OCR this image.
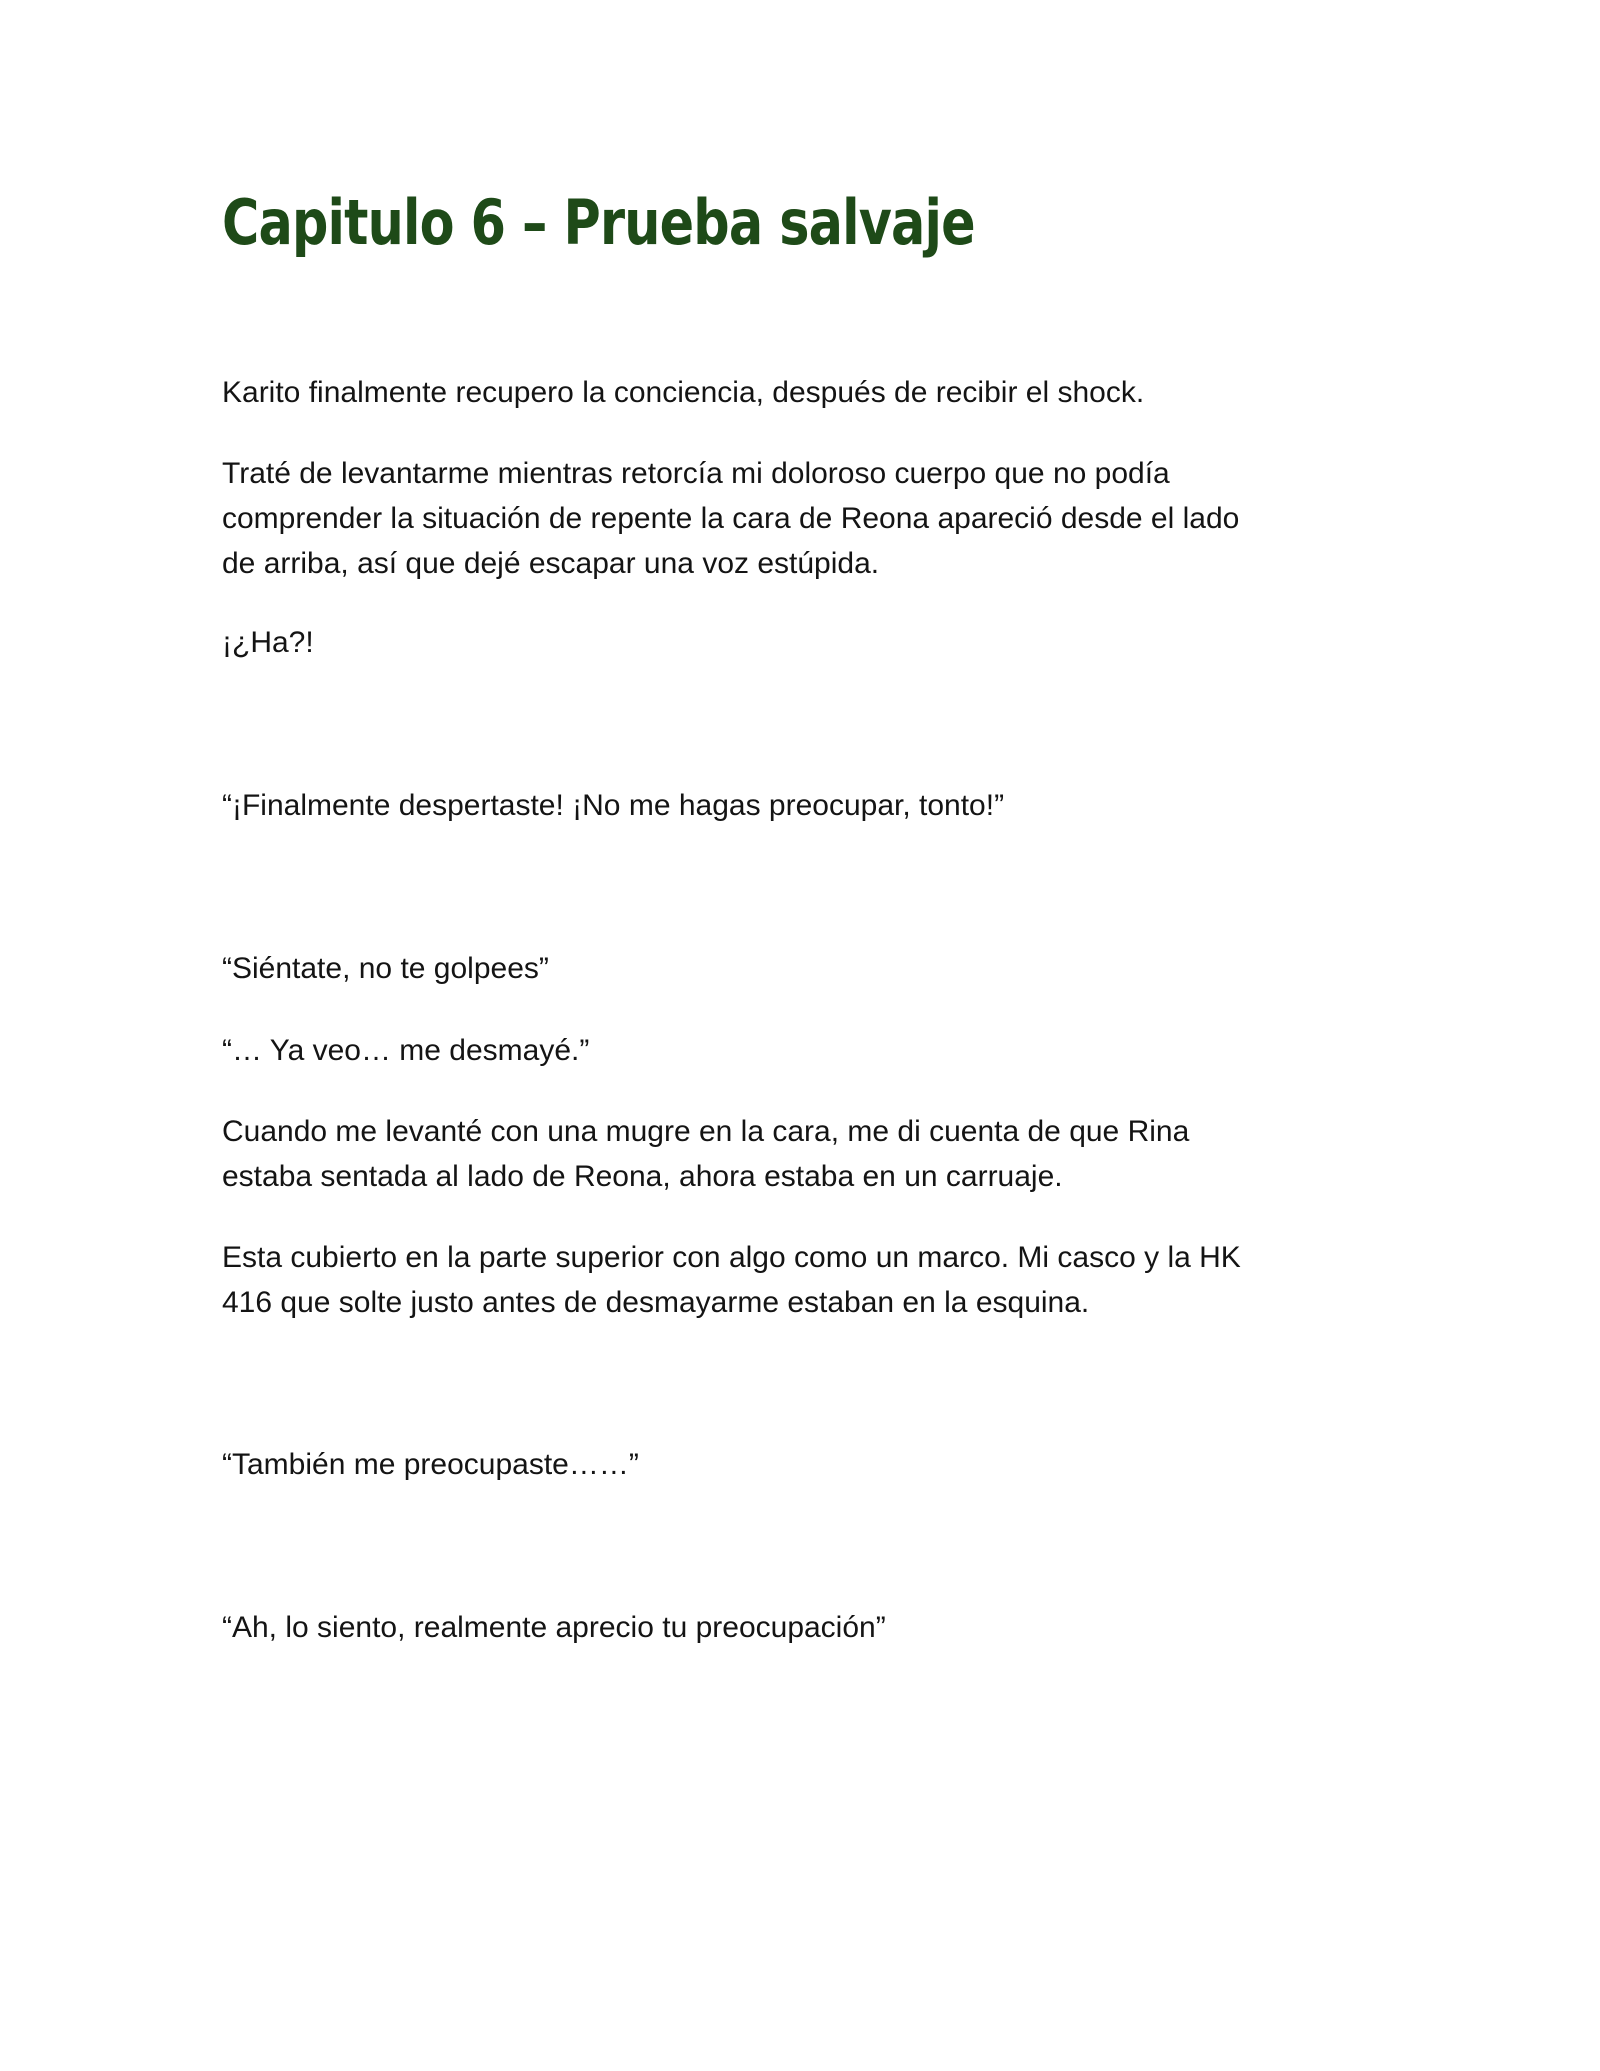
Capitulo 6 – Prueba salvaje

Karito finalmente recupero la conciencia, después de recibir el shock.

Traté de levantarme mientras retorcía mi doloroso cuerpo que no podía
comprender la situación de repente la cara de Reona apareció desde el lado
de arriba, así que dejé escapar una voz estúpida.

¡¿Ha?!

“¡Finalmente despertaste! ¡No me hagas preocupar, tonto!”

“Siéntate, no te golpees”

“… Ya veo… me desmayé.”

Cuando me levanté con una mugre en la cara, me di cuenta de que Rina
estaba sentada al lado de Reona, ahora estaba en un carruaje.

Esta cubierto en la parte superior con algo como un marco. Mi casco y la HK
416 que solte justo antes de desmayarme estaban en la esquina.

“También me preocupaste……”

“Ah, lo siento, realmente aprecio tu preocupación”
